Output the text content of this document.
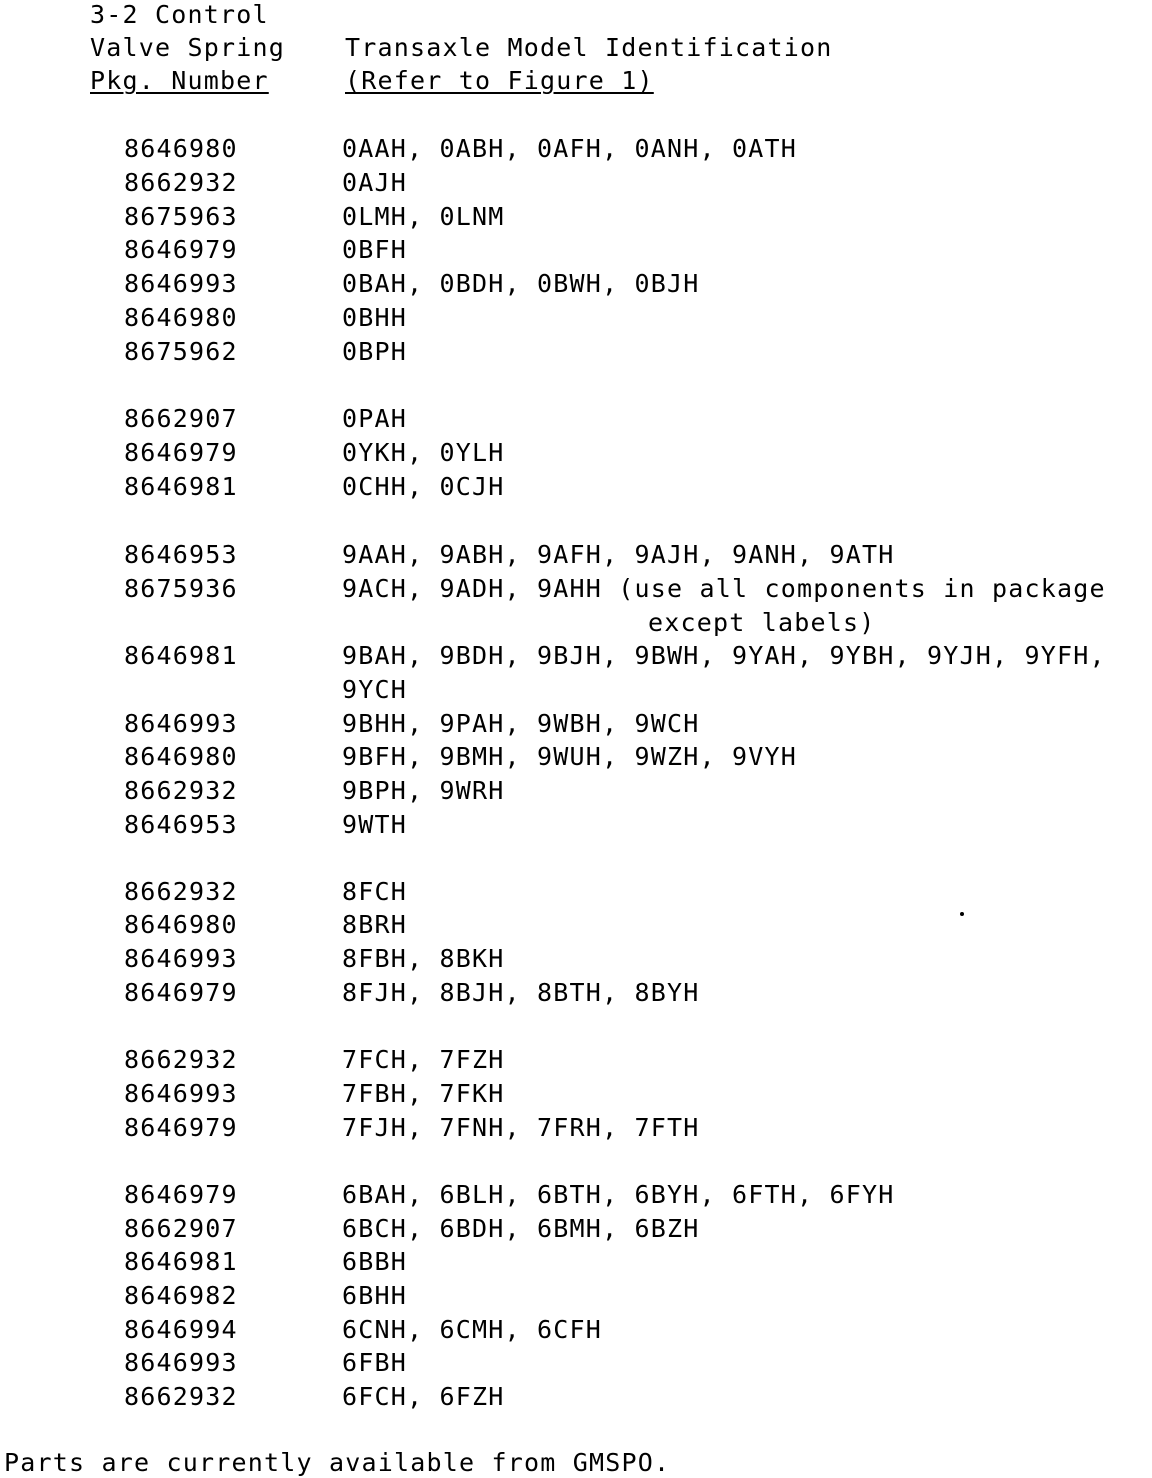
3-2 Control
Valve Spring
Pkg. Number
Transaxle Model Identification
(Refer to Figure 1)
8646980	0AAH, 0ABH, 0AFH, 0ANH, 0ATH
8662932	0AJH
8675963	0LMH, 0LNM
8646979	0BFH
8646993	0BAH, 0BDH, 0BWH, 0BJH
8646980	0BHH
8675962	0BPH
8662907	0PAH
8646979	0YKH, 0YLH
8646981	0CHH, 0CJH
8646953	9AAH, 9ABH, 9AFH, 9AJH, 9ANH, 9ATH
8675936	9ACH, 9ADH, 9AHH (use all components in package
except labels)
8646981	9BAH, 9BDH, 9BJH, 9BWH, 9YAH, 9YBH, 9YJH, 9YFH,
9YCH
8646993	9BHH, 9PAH, 9WBH, 9WCH
8646980	9BFH, 9BMH, 9WUH, 9WZH, 9VYH
8662932	9BPH, 9WRH
8646953	9WTH
8662932	8FCH
8646980	8BRH
8646993	8FBH, 8BKH
8646979	8FJH, 8BJH, 8BTH, 8BYH
8662932	7FCH, 7FZH
8646993	7FBH, 7FKH
8646979	7FJH, 7FNH, 7FRH, 7FTH
8646979	6BAH, 6BLH, 6BTH, 6BYH, 6FTH, 6FYH
8662907	6BCH, 6BDH, 6BMH, 6BZH
8646981	6BBH
8646982	6BHH
8646994	6CNH, 6CMH, 6CFH
8646993	6FBH
8662932	6FCH, 6FZH
Parts are currently available from GMSPO.
